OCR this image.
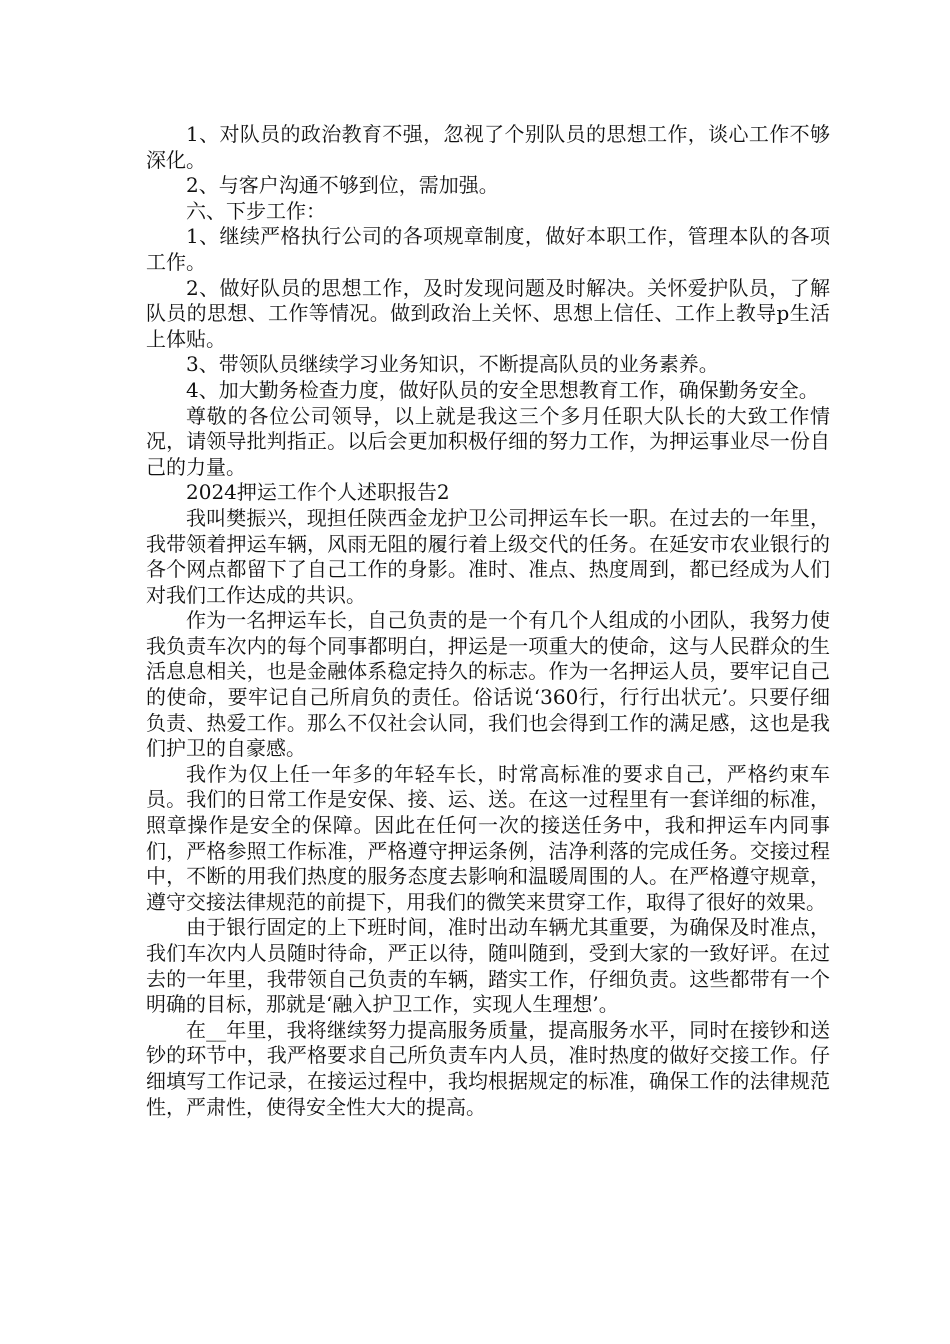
1、对队员的政治教育不强，忽视了个别队员的思想工作，谈心工作不够深化。

2、与客户沟通不够到位，需加强。

六、下步工作：

1、继续严格执行公司的各项规章制度，做好本职工作，管理本队的各项工作。

2、做好队员的思想工作，及时发现问题及时解决。关怀爱护队员，了解队员的思想、工作等情况。做到政治上关怀、思想上信任、工作上教导p生活上体贴。

3、带领队员继续学习业务知识，不断提高队员的业务素养。

4、加大勤务检查力度，做好队员的安全思想教育工作，确保勤务安全。

尊敬的各位公司领导，以上就是我这三个多月任职大队长的大致工作情况，请领导批判指正。以后会更加积极仔细的努力工作，为押运事业尽一份自己的力量。

2024押运工作个人述职报告2

我叫樊振兴，现担任陕西金龙护卫公司押运车长一职。在过去的一年里，我带领着押运车辆，风雨无阻的履行着上级交代的任务。在延安市农业银行的各个网点都留下了自己工作的身影。准时、准点、热度周到，都已经成为人们对我们工作达成的共识。

作为一名押运车长，自己负责的是一个有几个人组成的小团队，我努力使我负责车次内的每个同事都明白，押运是一项重大的使命，这与人民群众的生活息息相关，也是金融体系稳定持久的标志。作为一名押运人员，要牢记自己的使命，要牢记自己所肩负的责任。俗话说‘360行，行行出状元’。只要仔细负责、热爱工作。那么不仅社会认同，我们也会得到工作的满足感，这也是我们护卫的自豪感。

我作为仅上任一年多的年轻车长，时常高标准的要求自己，严格约束车员。我们的日常工作是安保、接、运、送。在这一过程里有一套详细的标准，照章操作是安全的保障。因此在任何一次的接送任务中，我和押运车内同事们，严格参照工作标准，严格遵守押运条例，洁净利落的完成任务。交接过程中，不断的用我们热度的服务态度去影响和温暖周围的人。在严格遵守规章，遵守交接法律规范的前提下，用我们的微笑来贯穿工作，取得了很好的效果。

由于银行固定的上下班时间，准时出动车辆尤其重要，为确保及时准点，我们车次内人员随时待命，严正以待，随叫随到，受到大家的一致好评。在过去的一年里，我带领自己负责的车辆，踏实工作，仔细负责。这些都带有一个明确的目标，那就是‘融入护卫工作，实现人生理想’。

在__年里，我将继续努力提高服务质量，提高服务水平，同时在接钞和送钞的环节中，我严格要求自己所负责车内人员，准时热度的做好交接工作。仔细填写工作记录，在接运过程中，我均根据规定的标准，确保工作的法律规范性，严肃性，使得安全性大大的提高。
